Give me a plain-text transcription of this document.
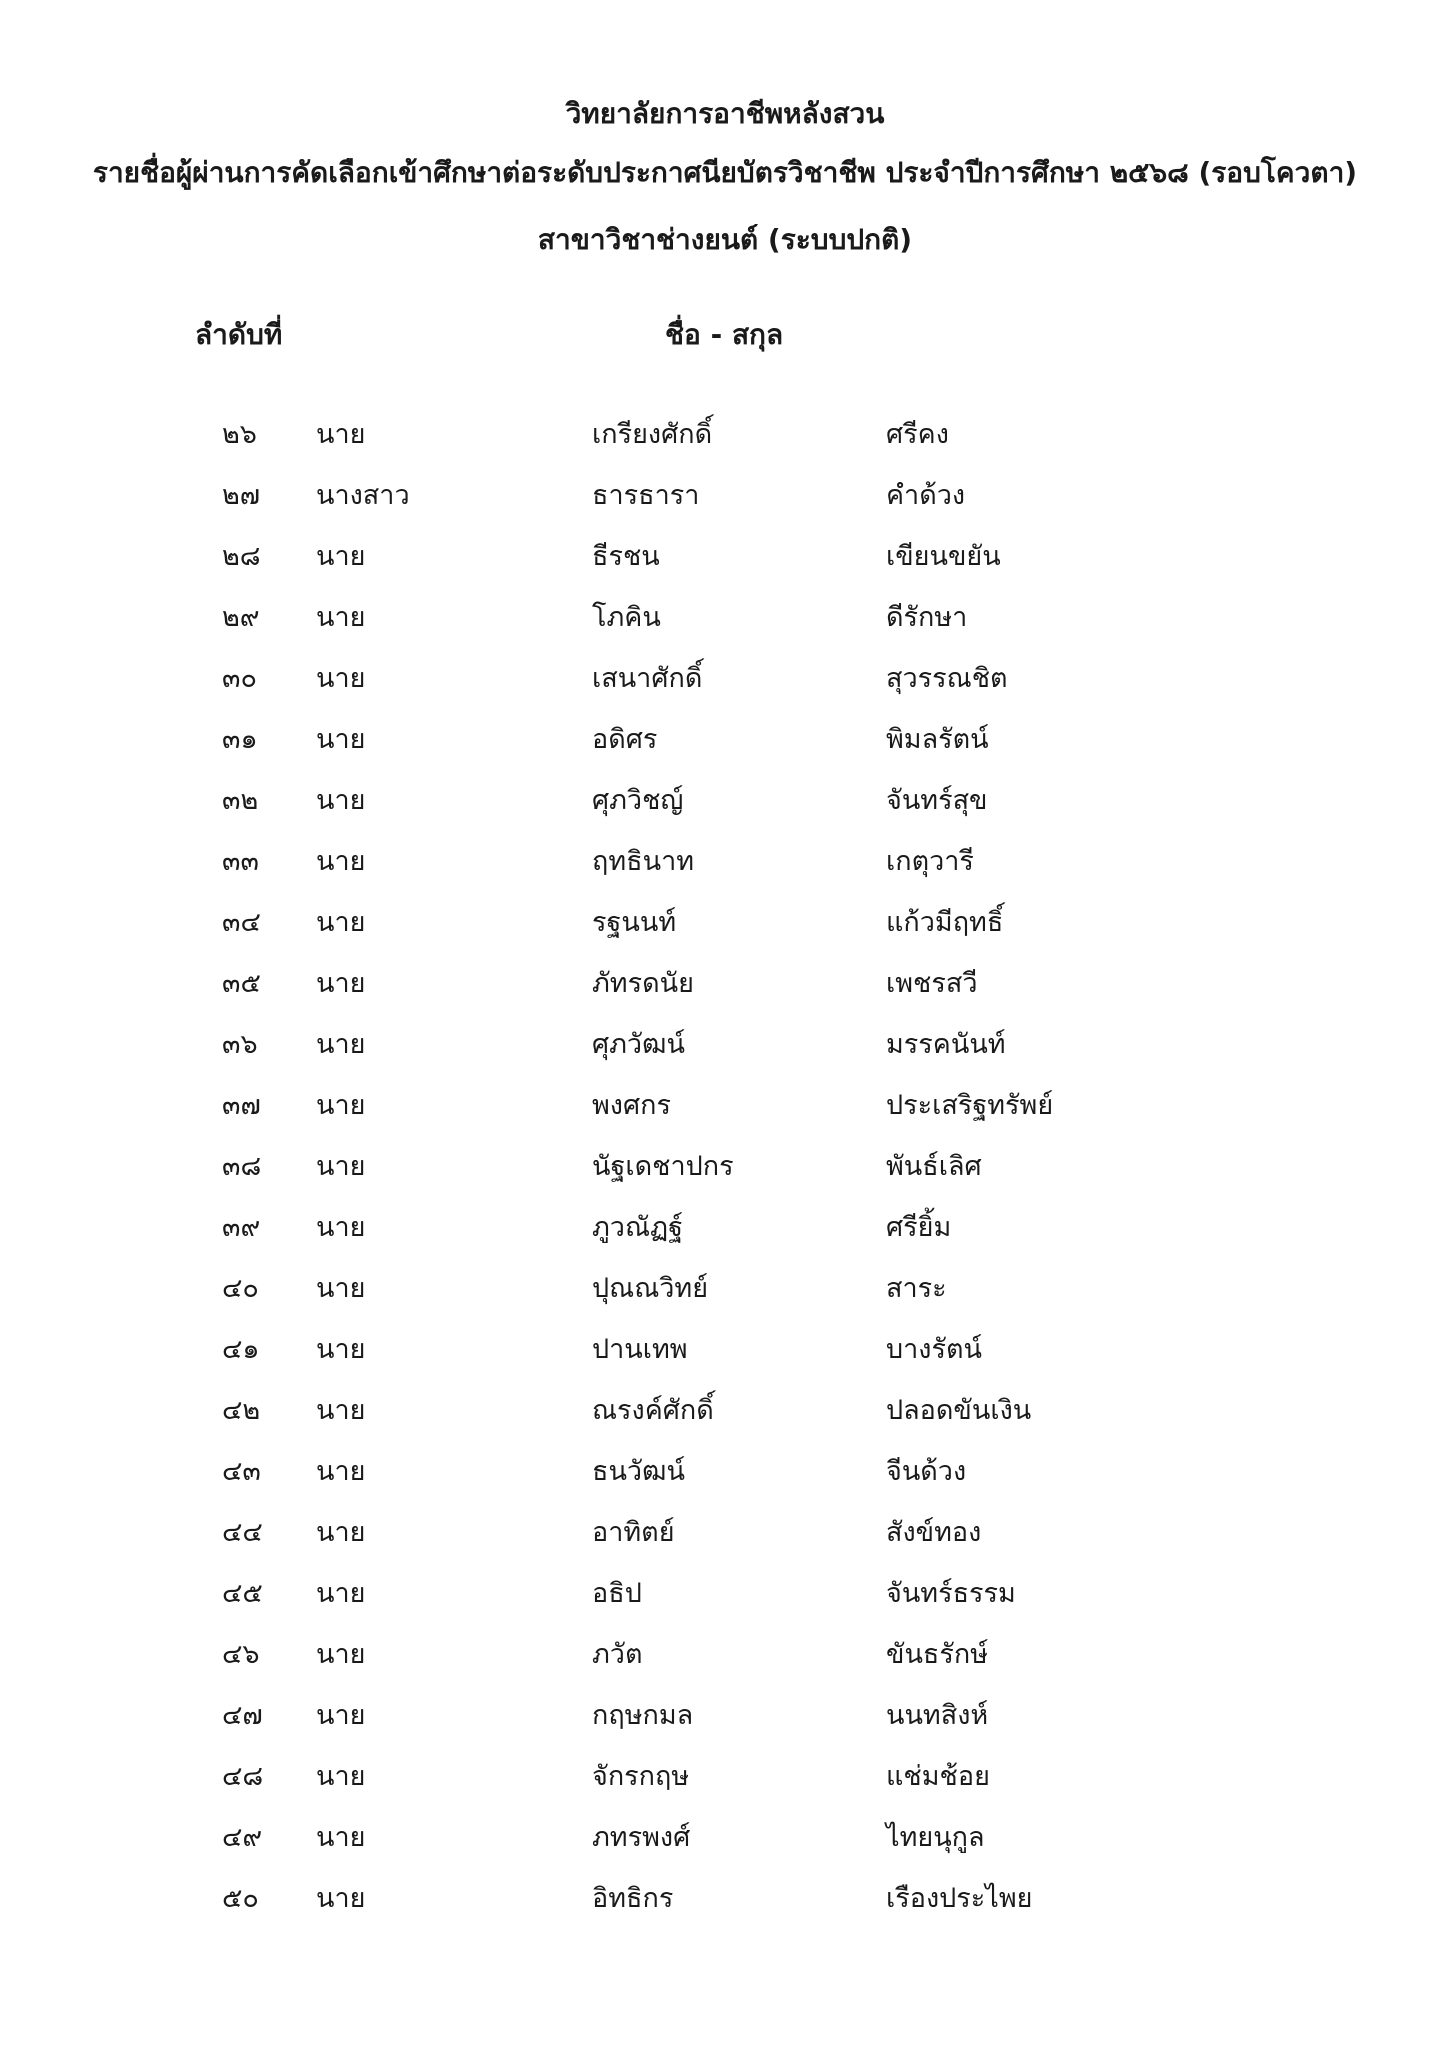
วิทยาลัยการอาชีพหลังสวน
รายชื่อผู้ผ่านการคัดเลือกเข้าศึกษาต่อระดับประกาศนียบัตรวิชาชีพ ประจำปีการศึกษา ๒๕๖๘ (รอบโควตา)
สาขาวิชาช่างยนต์ (ระบบปกติ)
ลำดับที่	ชื่อ - สกุล
๒๖ นาย	เกรียงศักดิ์	ศรีคง
๒๗ นางสาว	ธารธารา	คำด้วง
๒๘ นาย	ธีรชน	เขียนขยัน
๒๙ นาย	โภคิน	ดีรักษา
๓๐ นาย	เสนาศักดิ์	สุวรรณชิต
๓๑ นาย	อดิศร	พิมลรัตน์
๓๒ นาย	ศุภวิชญ์	จันทร์สุข
๓๓ นาย	ฤทธินาท	เกตุวารี
๓๔ นาย	รฐนนท์	แก้วมีฤทธิ์
๓๕ นาย	ภัทรดนัย	เพชรสวี
๓๖ นาย	ศุภวัฒน์	มรรคนันท์
๓๗ นาย	พงศกร	ประเสริฐทรัพย์
๓๘ นาย	นัฐเดชาปกร	พันธ์เลิศ
๓๙ นาย	ภูวณัฏฐ์	ศรียิ้ม
๔๐ นาย	ปุณณวิทย์	สาระ
๔๑ นาย	ปานเทพ	บางรัตน์
๔๒ นาย	ณรงค์ศักดิ์	ปลอดขันเงิน
๔๓ นาย	ธนวัฒน์	จีนด้วง
๔๔ นาย	อาทิตย์	สังข์ทอง
๔๕ นาย	อธิป	จันทร์ธรรม
๔๖ นาย	ภวัต	ขันธรักษ์
๔๗ นาย	กฤษกมล	นนทสิงห์
๔๘ นาย	จักรกฤษ	แช่มช้อย
๔๙ นาย	ภทรพงศ์	ไทยนุกูล
๕๐ นาย	อิทธิกร	เรืองประไพย
